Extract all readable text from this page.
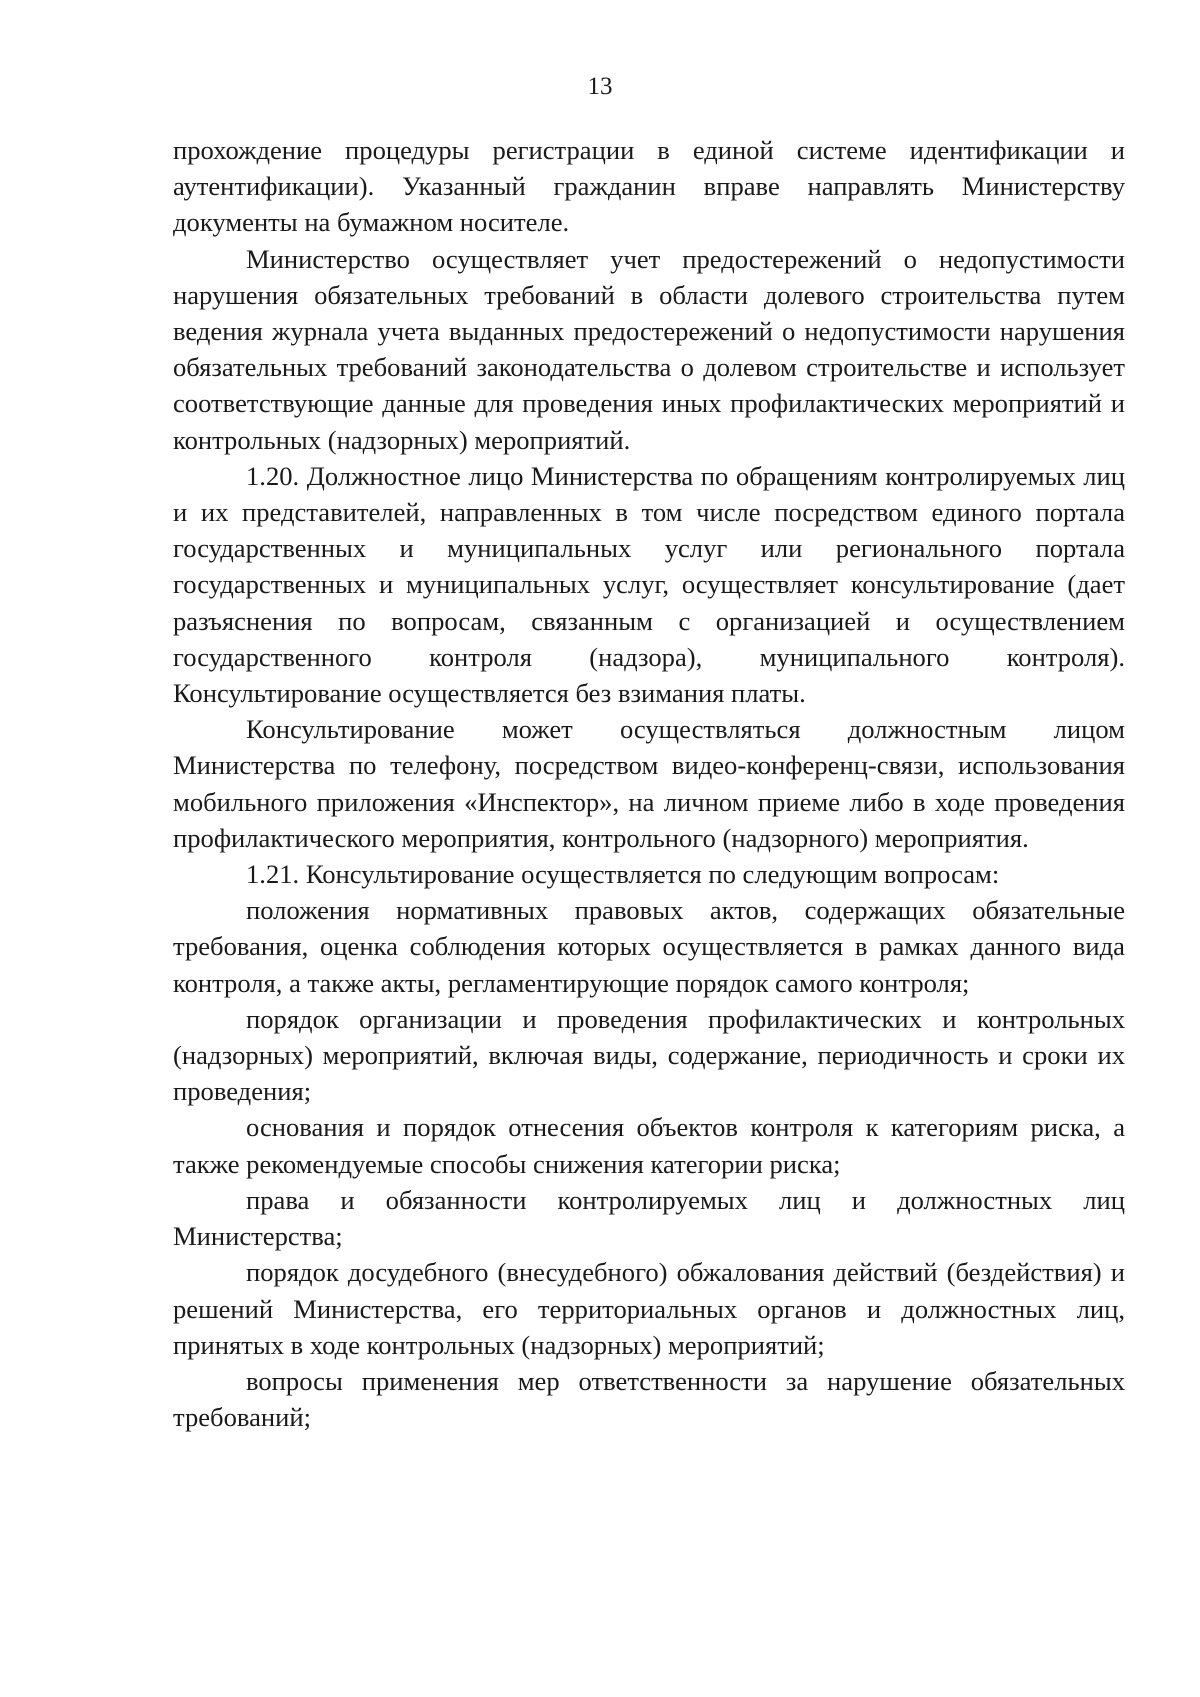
13

прохождение процедуры регистрации в единой системе идентификации и аутентификации). Указанный гражданин вправе направлять Министерству документы на бумажном носителе.

Министерство осуществляет учет предостережений о недопустимости нарушения обязательных требований в области долевого строительства путем ведения журнала учета выданных предостережений о недопустимости нарушения обязательных требований законодательства о долевом строительстве и использует соответствующие данные для проведения иных профилактических мероприятий и контрольных (надзорных) мероприятий.

1.20. Должностное лицо Министерства по обращениям контролируемых лиц и их представителей, направленных в том числе посредством единого портала государственных и муниципальных услуг или регионального портала государственных и муниципальных услуг, осуществляет консультирование (дает разъяснения по вопросам, связанным с организацией и осуществлением государственного контроля (надзора), муниципального контроля). Консультирование осуществляется без взимания платы.

Консультирование может осуществляться должностным лицом Министерства по телефону, посредством видео-конференц-связи, использования мобильного приложения «Инспектор», на личном приеме либо в ходе проведения профилактического мероприятия, контрольного (надзорного) мероприятия.

1.21. Консультирование осуществляется по следующим вопросам:

положения нормативных правовых актов, содержащих обязательные требования, оценка соблюдения которых осуществляется в рамках данного вида контроля, а также акты, регламентирующие порядок самого контроля;

порядок организации и проведения профилактических и контрольных (надзорных) мероприятий, включая виды, содержание, периодичность и сроки их проведения;

основания и порядок отнесения объектов контроля к категориям риска, а также рекомендуемые способы снижения категории риска;

права и обязанности контролируемых лиц и должностных лиц Министерства;

порядок досудебного (внесудебного) обжалования действий (бездействия) и решений Министерства, его территориальных органов и должностных лиц, принятых в ходе контрольных (надзорных) мероприятий;

вопросы применения мер ответственности за нарушение обязательных требований;
